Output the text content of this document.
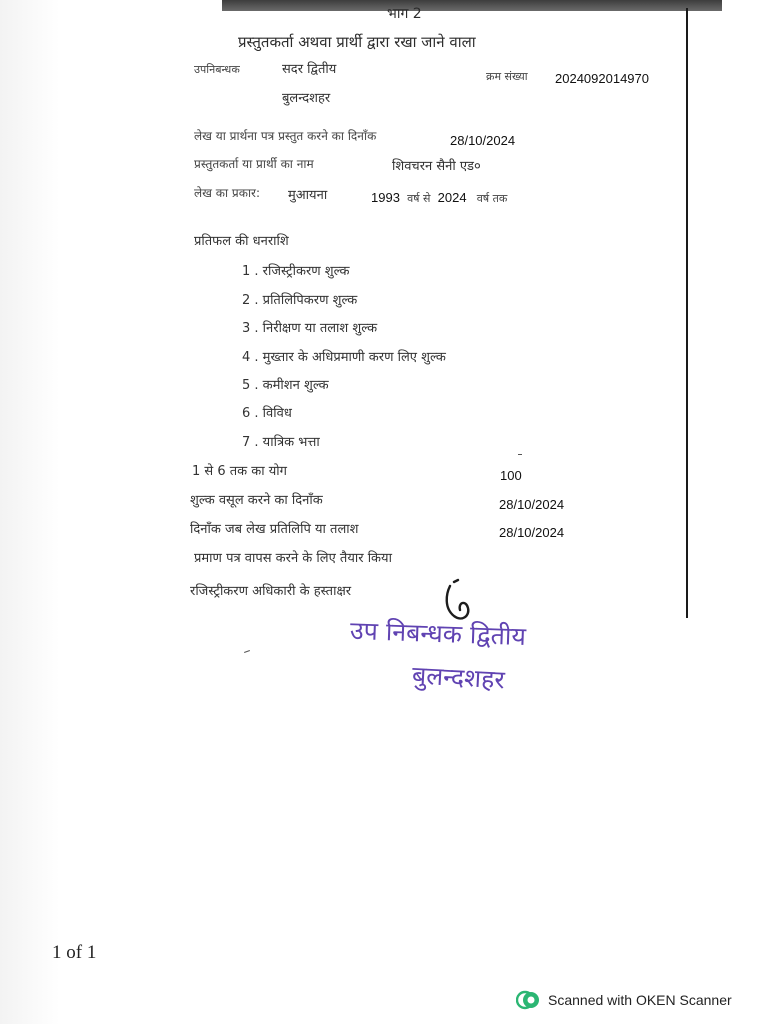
भाग 2
प्रस्तुतकर्ता अथवा प्रार्थी द्वारा रखा जाने वाला
उपनिबन्धक	सदर द्वितीय	क्रम संख्या 2024092014970
बुलन्दशहर
लेख या प्रार्थना पत्र प्रस्तुत करने का दिनाँक	28/10/2024
प्रस्तुतकर्ता या प्रार्थी का नाम	शिवचरन सैनी एड०
लेख का प्रकार: मुआयना	1993 वर्ष से 2024 वर्ष तक
प्रतिफल की धनराशि
1 . रजिस्ट्रीकरण शुल्क
2 . प्रतिलिपिकरण शुल्क
3 . निरीक्षण या तलाश शुल्क
4 . मुख्तार के अधिप्रमाणी करण लिए शुल्क
5 . कमीशन शुल्क
6 . विविध
7 . यात्रिक भत्ता
1 से 6 तक का योग	100
शुल्क वसूल करने का दिनाँक	28/10/2024
दिनाँक जब लेख प्रतिलिपि या तलाश	28/10/2024
प्रमाण पत्र वापस करने के लिए तैयार किया
रजिस्ट्रीकरण अधिकारी के हस्ताक्षर
उप निबन्धक द्वितीय
बुलन्दशहर
1 of 1
Scanned with OKEN Scanner
